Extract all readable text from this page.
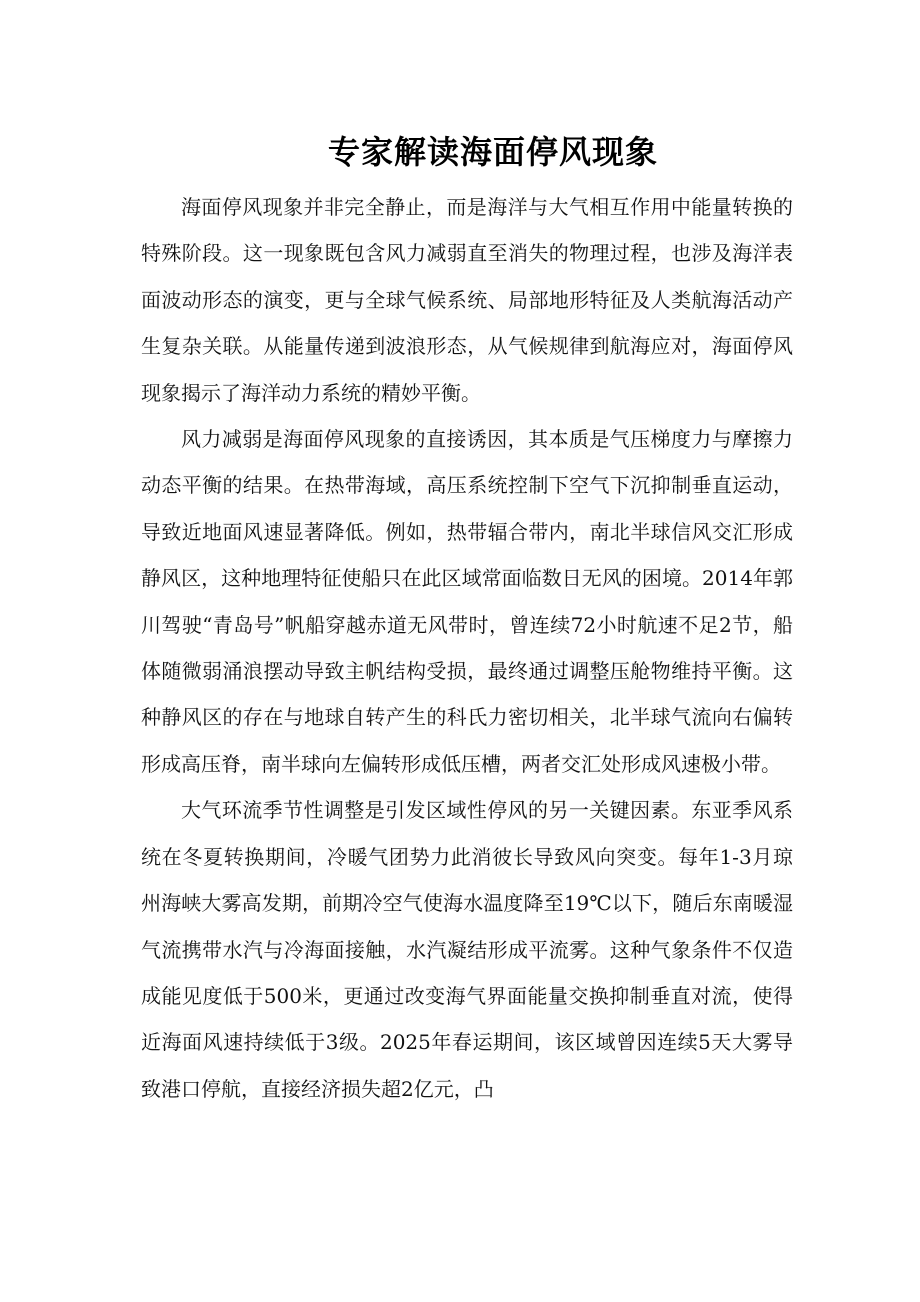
专家解读海面停风现象

海面停风现象并非完全静止，而是海洋与大气相互作用中能量转换的特殊阶段。这一现象既包含风力减弱直至消失的物理过程，也涉及海洋表面波动形态的演变，更与全球气候系统、局部地形特征及人类航海活动产生复杂关联。从能量传递到波浪形态，从气候规律到航海应对，海面停风现象揭示了海洋动力系统的精妙平衡。

风力减弱是海面停风现象的直接诱因，其本质是气压梯度力与摩擦力动态平衡的结果。在热带海域，高压系统控制下空气下沉抑制垂直运动，导致近地面风速显著降低。例如，热带辐合带内，南北半球信风交汇形成静风区，这种地理特征使船只在此区域常面临数日无风的困境。2014年郭川驾驶“青岛号”帆船穿越赤道无风带时，曾连续72小时航速不足2节，船体随微弱涌浪摆动导致主帆结构受损，最终通过调整压舱物维持平衡。这种静风区的存在与地球自转产生的科氏力密切相关，北半球气流向右偏转形成高压脊，南半球向左偏转形成低压槽，两者交汇处形成风速极小带。

大气环流季节性调整是引发区域性停风的另一关键因素。东亚季风系统在冬夏转换期间，冷暖气团势力此消彼长导致风向突变。每年1-3月琼州海峡大雾高发期，前期冷空气使海水温度降至19℃以下，随后东南暖湿气流携带水汽与冷海面接触，水汽凝结形成平流雾。这种气象条件不仅造成能见度低于500米，更通过改变海气界面能量交换抑制垂直对流，使得近海面风速持续低于3级。2025年春运期间，该区域曾因连续5天大雾导致港口停航，直接经济损失超2亿元，凸
